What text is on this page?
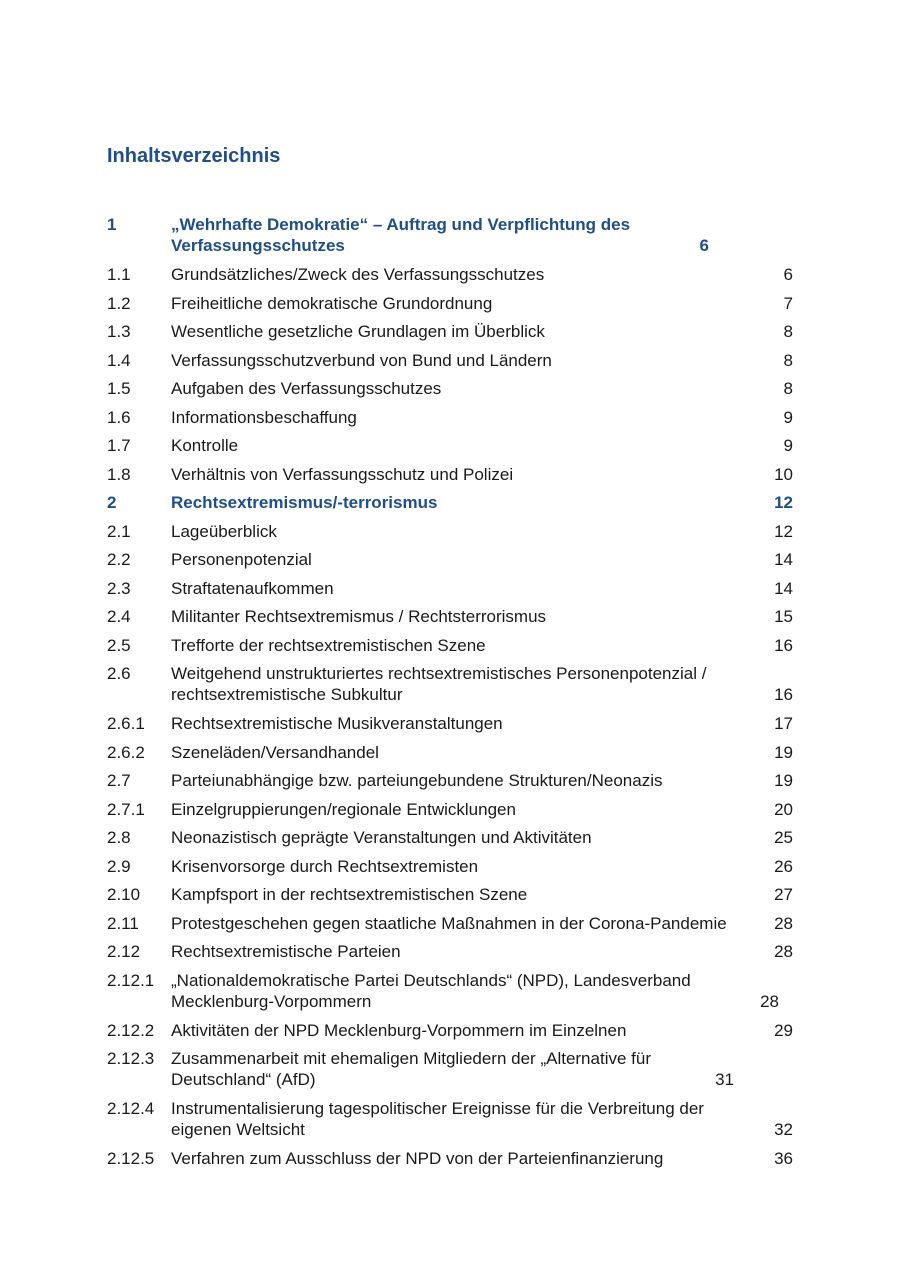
Inhaltsverzeichnis
1	„Wehrhafte Demokratie“ – Auftrag und Verpflichtung des Verfassungsschutzes	6
1.1	Grundsätzliches/Zweck des Verfassungsschutzes	6
1.2	Freiheitliche demokratische Grundordnung	7
1.3	Wesentliche gesetzliche Grundlagen im Überblick	8
1.4	Verfassungsschutzverbund von Bund und Ländern	8
1.5	Aufgaben des Verfassungsschutzes	8
1.6	Informationsbeschaffung	9
1.7	Kontrolle	9
1.8	Verhältnis von Verfassungsschutz und Polizei	10
2	Rechtsextremismus/-terrorismus	12
2.1	Lageüberblick	12
2.2	Personenpotenzial	14
2.3	Straftatenaufkommen	14
2.4	Militanter Rechtsextremismus / Rechtsterrorismus	15
2.5	Trefforte der rechtsextremistischen Szene	16
2.6	Weitgehend unstrukturiertes rechtsextremistisches Personenpotenzial / rechtsextremistische Subkultur	16
2.6.1	Rechtsextremistische Musikveranstaltungen	17
2.6.2	Szeneläden/Versandhandel	19
2.7	Parteiunabhängige bzw. parteiungebundene Strukturen/Neonazis	19
2.7.1	Einzelgruppierungen/regionale Entwicklungen	20
2.8	Neonazistisch geprägte Veranstaltungen und Aktivitäten	25
2.9	Krisenvorsorge durch Rechtsextremisten	26
2.10	Kampfsport in der rechtsextremistischen Szene	27
2.11	Protestgeschehen gegen staatliche Maßnahmen in der Corona-Pandemie	28
2.12	Rechtsextremistische Parteien	28
2.12.1 „Nationaldemokratische Partei Deutschlands“ (NPD), Landesverband Mecklenburg-Vorpommern	28
2.12.2 Aktivitäten der NPD Mecklenburg-Vorpommern im Einzelnen	29
2.12.3 Zusammenarbeit mit ehemaligen Mitgliedern der „Alternative für Deutschland“ (AfD)	31
2.12.4 Instrumentalisierung tagespolitischer Ereignisse für die Verbreitung der eigenen Weltsicht	32
2.12.5 Verfahren zum Ausschluss der NPD von der Parteienfinanzierung	36
